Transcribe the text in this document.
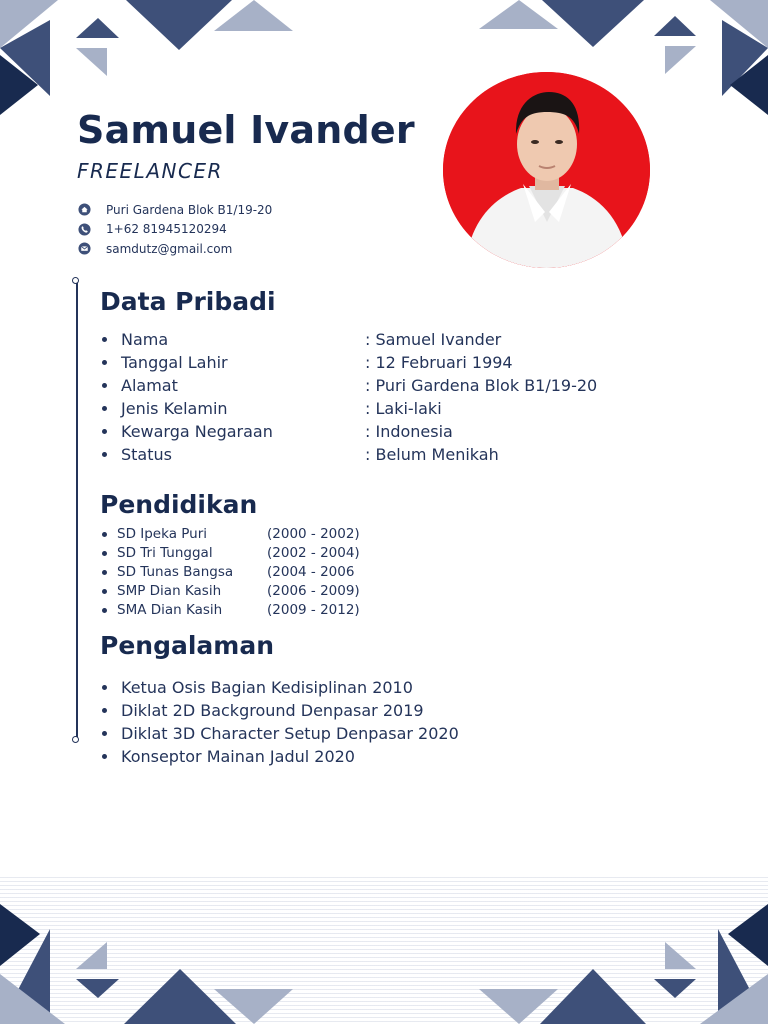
Samuel Ivander

FREELANCER

Puri Gardena Blok B1/19-20
1+62 81945120294
samdutz@gmail.com
Data Pribadi
Nama	: Samuel Ivander
Tanggal Lahir	: 12 Februari 1994
Alamat	: Puri Gardena Blok B1/19-20
Jenis Kelamin	: Laki-laki
Kewarga Negaraan	: Indonesia
Status	: Belum Menikah
Pendidikan
SD Ipeka Puri	(2000 - 2002)
SD Tri Tunggal	(2002 - 2004)
SD Tunas Bangsa	(2004 - 2006
SMP Dian Kasih	(2006 - 2009)
SMA Dian Kasih	(2009 - 2012)
Pengalaman
Ketua Osis Bagian Kedisiplinan 2010
Diklat 2D Background Denpasar 2019
Diklat 3D Character Setup Denpasar 2020
Konseptor Mainan Jadul 2020
